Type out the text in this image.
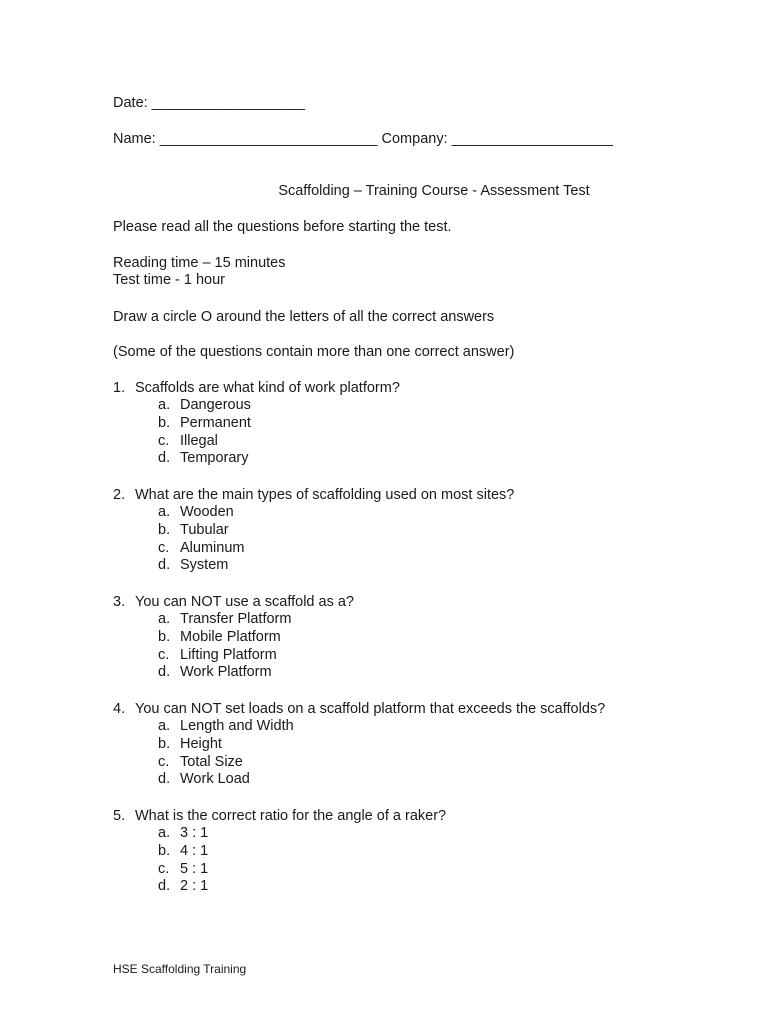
Date: ___________________
Name: ___________________________ Company: ____________________
Scaffolding – Training Course - Assessment Test
Please read all the questions before starting the test.
Reading time – 15 minutes
Test time - 1 hour
Draw a circle O around the letters of all the correct answers
(Some of the questions contain more than one correct answer)
1. Scaffolds are what kind of work platform?
a. Dangerous
b. Permanent
c. Illegal
d. Temporary
2. What are the main types of scaffolding used on most sites?
a. Wooden
b. Tubular
c. Aluminum
d. System
3. You can NOT use a scaffold as a?
a. Transfer Platform
b. Mobile Platform
c. Lifting Platform
d. Work Platform
4. You can NOT set loads on a scaffold platform that exceeds the scaffolds?
a. Length and Width
b. Height
c. Total Size
d. Work Load
5. What is the correct ratio for the angle of a raker?
a. 3 : 1
b. 4 : 1
c. 5 : 1
d. 2 : 1
HSE Scaffolding Training
